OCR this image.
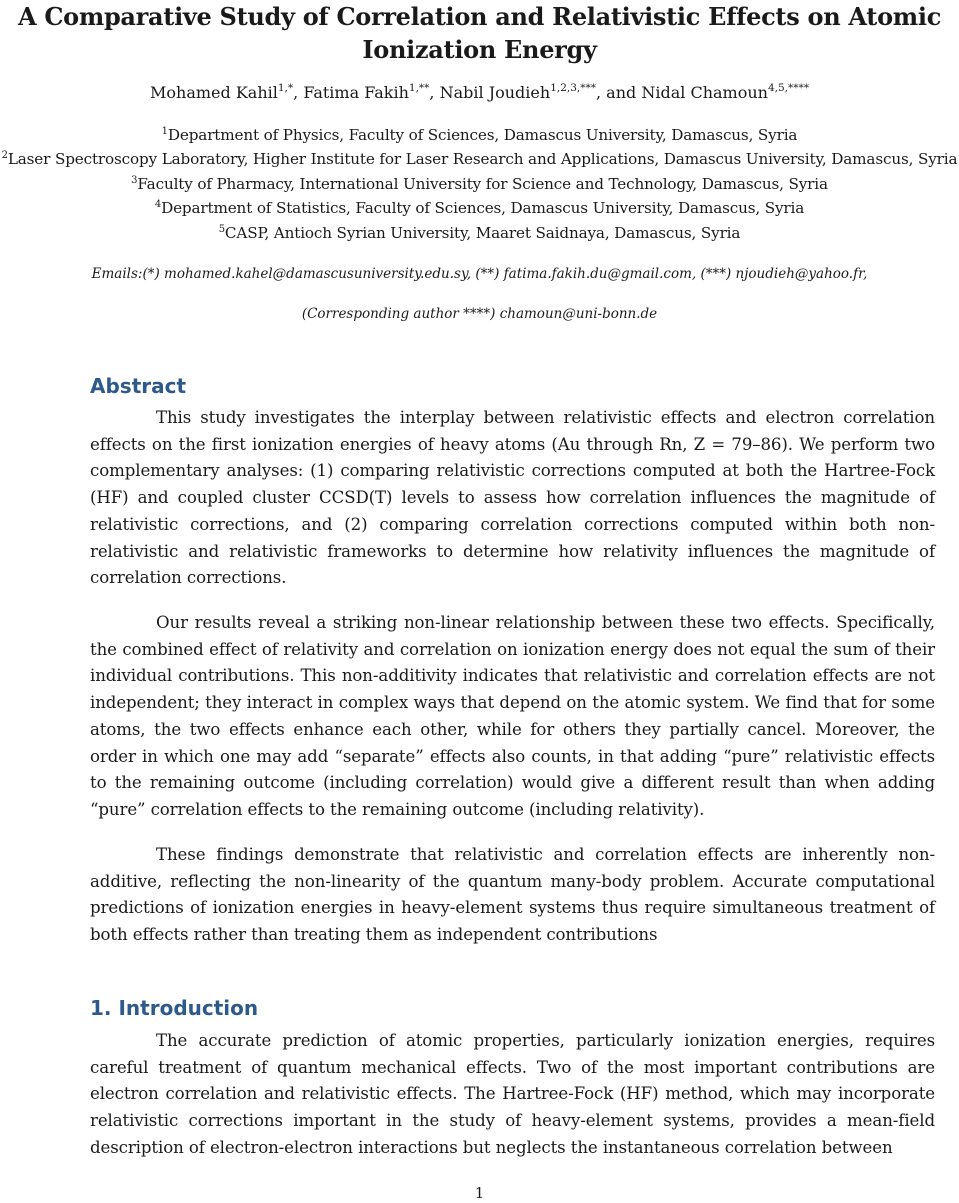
A Comparative Study of Correlation and Relativistic Effects on Atomic
Ionization Energy
Mohamed Kahil$^{1,*}$, Fatima Fakih$^{1,**}$, Nabil Joudieh$^{1,2,3,***}$, and Nidal Chamoun$^{4,5,****}$
$^1$Department of Physics, Faculty of Sciences, Damascus University, Damascus, Syria
$^2$Laser Spectroscopy Laboratory, Higher Institute for Laser Research and Applications, Damascus University, Damascus, Syria
$^3$Faculty of Pharmacy, International University for Science and Technology, Damascus, Syria
$^4$Department of Statistics, Faculty of Sciences, Damascus University, Damascus, Syria
$^5$CASP, Antioch Syrian University, Maaret Saidnaya, Damascus, Syria
Emails:(*) mohamed.kahel@damascusuniversity.edu.sy, (**) fatima.fakih.du@gmail.com, (***) njoudieh@yahoo.fr,
(Corresponding author ****) chamoun@uni-bonn.de
Abstract

This study investigates the interplay between relativistic effects and electron correlation effects on the first ionization energies of heavy atoms (Au through Rn, Z = 79–86). We perform two complementary analyses: (1) comparing relativistic corrections computed at both the Hartree-Fock (HF) and coupled cluster CCSD(T) levels to assess how correlation influences the magnitude of relativistic corrections, and (2) comparing correlation corrections computed within both non-relativistic and relativistic frameworks to determine how relativity influences the magnitude of correlation corrections.

Our results reveal a striking non-linear relationship between these two effects. Specifically, the combined effect of relativity and correlation on ionization energy does not equal the sum of their individual contributions. This non-additivity indicates that relativistic and correlation effects are not independent; they interact in complex ways that depend on the atomic system. We find that for some atoms, the two effects enhance each other, while for others they partially cancel. Moreover, the order in which one may add “separate” effects also counts, in that adding “pure” relativistic effects to the remaining outcome (including correlation) would give a different result than when adding “pure” correlation effects to the remaining outcome (including relativity).

These findings demonstrate that relativistic and correlation effects are inherently non-additive, reflecting the non-linearity of the quantum many-body problem. Accurate computational predictions of ionization energies in heavy-element systems thus require simultaneous treatment of both effects rather than treating them as independent contributions

1. Introduction

The accurate prediction of atomic properties, particularly ionization energies, requires careful treatment of quantum mechanical effects. Two of the most important contributions are electron correlation and relativistic effects. The Hartree-Fock (HF) method, which may incorporate relativistic corrections important in the study of heavy-element systems, provides a mean-field description of electron-electron interactions but neglects the instantaneous correlation between

1
